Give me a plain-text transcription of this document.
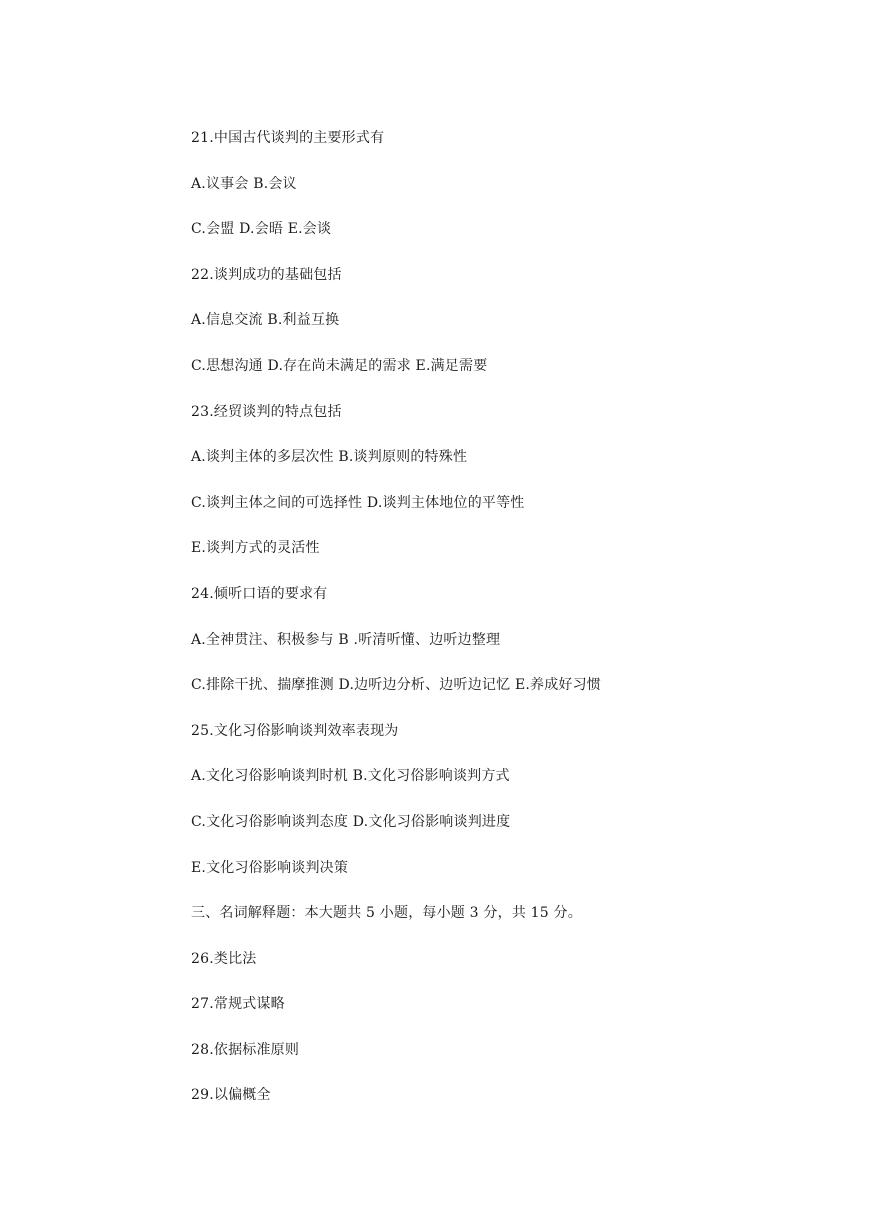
21.中国古代谈判的主要形式有
A.议事会 B.会议
C.会盟 D.会晤 E.会谈
22.谈判成功的基础包括
A.信息交流 B.利益互换
C.思想沟通 D.存在尚未满足的需求 E.满足需要
23.经贸谈判的特点包括
A.谈判主体的多层次性 B.谈判原则的特殊性
C.谈判主体之间的可选择性 D.谈判主体地位的平等性
E.谈判方式的灵活性
24.倾听口语的要求有
A.全神贯注、积极参与 B .听清听懂、边听边整理
C.排除干扰、揣摩推测 D.边听边分析、边听边记忆 E.养成好习惯
25.文化习俗影响谈判效率表现为
A.文化习俗影响谈判时机 B.文化习俗影响谈判方式
C.文化习俗影响谈判态度 D.文化习俗影响谈判进度
E.文化习俗影响谈判决策
三、名词解释题：本大题共 5 小题，每小题 3 分，共 15 分。
26.类比法
27.常规式谋略
28.依据标准原则
29.以偏概全
